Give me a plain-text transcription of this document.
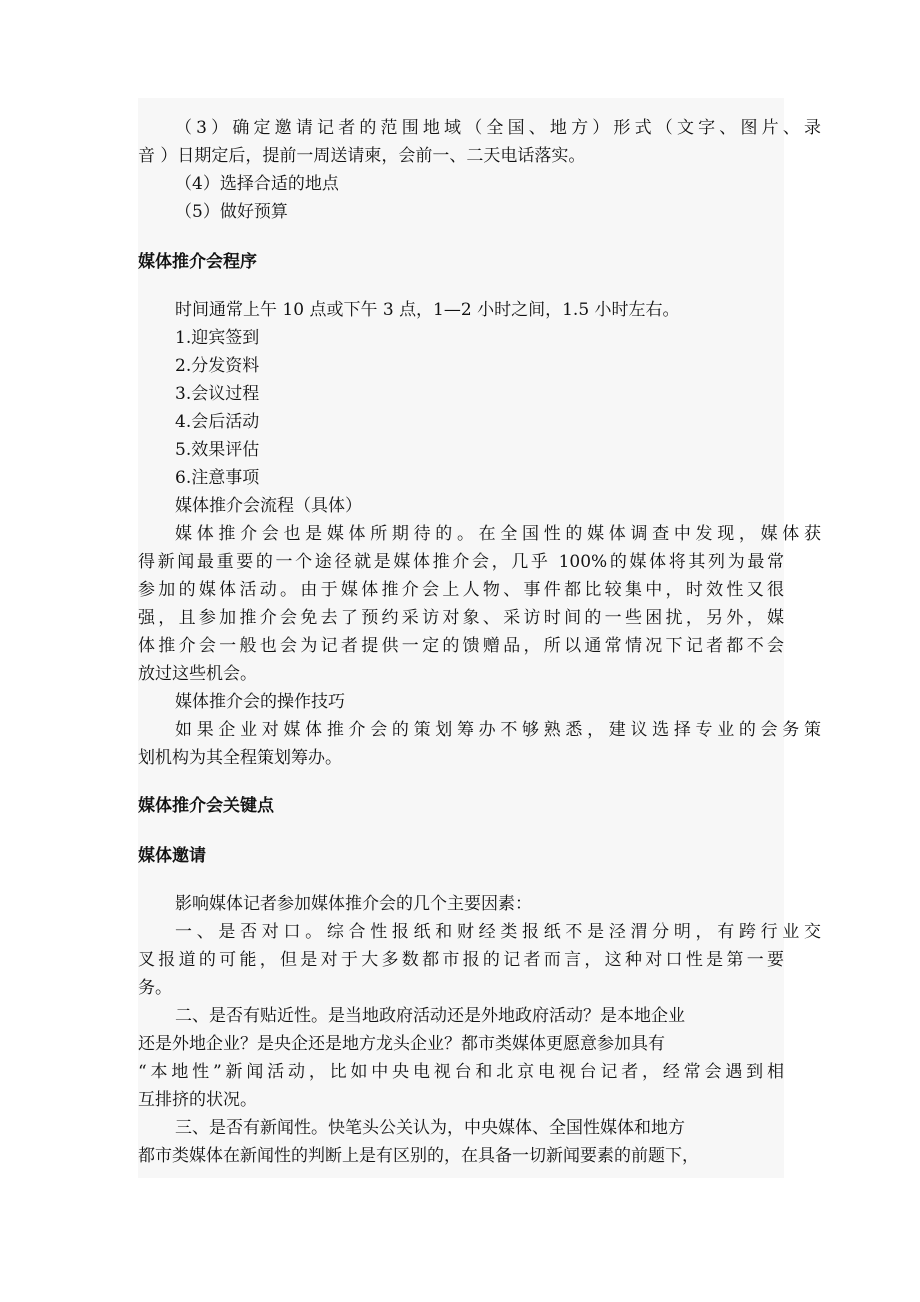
（3）确定邀请记者的范围地域（全国、地方）形式（文字、图片、录
音 ）日期定后，提前一周送请柬，会前一、二天电话落实。
（4）选择合适的地点
（5）做好预算
媒体推介会程序
时间通常上午 10 点或下午 3 点，1—2 小时之间，1.5 小时左右。
1.迎宾签到
2.分发资料
3.会议过程
4.会后活动
5.效果评估
6.注意事项
媒体推介会流程（具体）
媒体推介会也是媒体所期待的。在全国性的媒体调查中发现，媒体获
得新闻最重要的一个途径就是媒体推介会，几乎 100%的媒体将其列为最常
参加的媒体活动。由于媒体推介会上人物、事件都比较集中，时效性又很
强，且参加推介会免去了预约采访对象、采访时间的一些困扰，另外，媒
体推介会一般也会为记者提供一定的馈赠品，所以通常情况下记者都不会
放过这些机会。
媒体推介会的操作技巧
如果企业对媒体推介会的策划筹办不够熟悉，建议选择专业的会务策
划机构为其全程策划筹办。
媒体推介会关键点
媒体邀请
影响媒体记者参加媒体推介会的几个主要因素：
一、是否对口。综合性报纸和财经类报纸不是泾渭分明，有跨行业交
叉报道的可能，但是对于大多数都市报的记者而言，这种对口性是第一要
务。
二、是否有贴近性。是当地政府活动还是外地政府活动？是本地企业
还是外地企业？是央企还是地方龙头企业？都市类媒体更愿意参加具有
“本地性”新闻活动，比如中央电视台和北京电视台记者，经常会遇到相
互排挤的状况。
三、是否有新闻性。快笔头公关认为，中央媒体、全国性媒体和地方
都市类媒体在新闻性的判断上是有区别的，在具备一切新闻要素的前题下，
